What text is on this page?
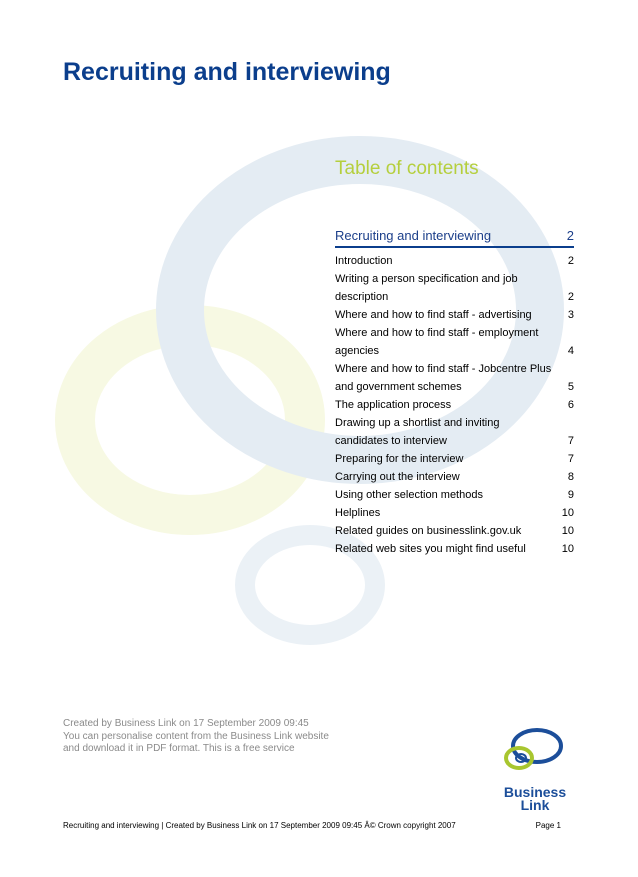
Recruiting and interviewing
Table of contents
Recruiting and interviewing	2
Introduction	2
Writing a person specification and job description	2
Where and how to find staff - advertising	3
Where and how to find staff - employment agencies	4
Where and how to find staff - Jobcentre Plus and government schemes	5
The application process	6
Drawing up a shortlist and inviting candidates to interview	7
Preparing for the interview	7
Carrying out the interview	8
Using other selection methods	9
Helplines	10
Related guides on businesslink.gov.uk	10
Related web sites you might find useful	10
Created by Business Link on 17 September 2009 09:45
You can personalise content from the Business Link website
and download it in PDF format. This is a free service
Business
Link
Recruiting and interviewing | Created by Business Link on 17 September 2009 09:45 Â© Crown copyright 2007	Page 1
